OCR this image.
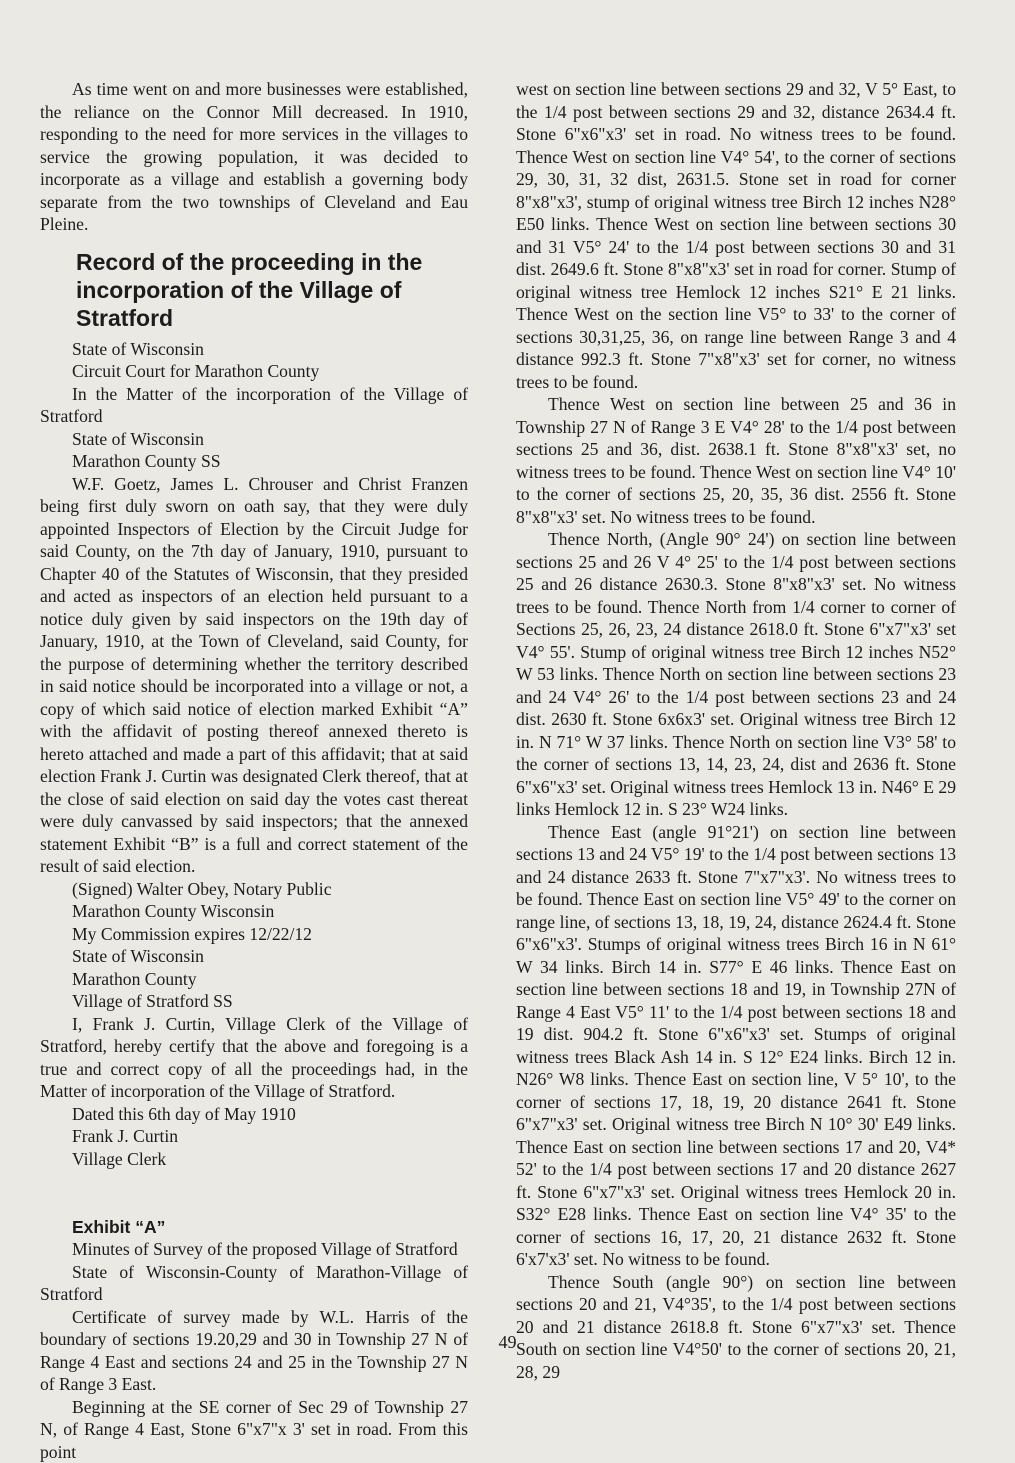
As time went on and more businesses were established, the reliance on the Connor Mill decreased. In 1910, responding to the need for more services in the villages to service the growing population, it was decided to incorporate as a village and establish a governing body separate from the two townships of Cleveland and Eau Pleine.

Record of the proceeding in the incorporation of the Village of Stratford

State of Wisconsin

Circuit Court for Marathon County

In the Matter of the incorporation of the Village of Stratford

State of Wisconsin

Marathon County SS

W.F. Goetz, James L. Chrouser and Christ Franzen being first duly sworn on oath say, that they were duly appointed Inspectors of Election by the Circuit Judge for said County, on the 7th day of January, 1910, pursuant to Chapter 40 of the Statutes of Wisconsin, that they presided and acted as inspectors of an election held pursuant to a notice duly given by said inspectors on the 19th day of January, 1910, at the Town of Cleveland, said County, for the purpose of determining whether the territory described in said notice should be incorporated into a village or not, a copy of which said notice of election marked Exhibit “A” with the affidavit of posting thereof annexed thereto is hereto attached and made a part of this affidavit; that at said election Frank J. Curtin was designated Clerk thereof, that at the close of said election on said day the votes cast thereat were duly canvassed by said inspectors; that the annexed statement Exhibit “B” is a full and correct statement of the result of said election.

(Signed) Walter Obey, Notary Public

Marathon County Wisconsin

My Commission expires 12/22/12

State of Wisconsin

Marathon County

Village of Stratford SS

I, Frank J. Curtin, Village Clerk of the Village of Stratford, hereby certify that the above and foregoing is a true and correct copy of all the proceedings had, in the Matter of incorporation of the Village of Stratford.

Dated this 6th day of May 1910

Frank J. Curtin

Village Clerk

Exhibit “A”

Minutes of Survey of the proposed Village of Stratford

State of Wisconsin-County of Marathon-Village of Stratford

Certificate of survey made by W.L. Harris of the boundary of sections 19.20,29 and 30 in Township 27 N of Range 4 East and sections 24 and 25 in the Township 27 N of Range 3 East.

Beginning at the SE corner of Sec 29 of Township 27 N, of Range 4 East, Stone 6"x7"x 3' set in road. From this point

west on section line between sections 29 and 32, V 5° East, to the 1/4 post between sections 29 and 32, distance 2634.4 ft. Stone 6"x6"x3' set in road. No witness trees to be found. Thence West on section line V4° 54', to the corner of sections 29, 30, 31, 32 dist, 2631.5. Stone set in road for corner 8"x8"x3', stump of original witness tree Birch 12 inches N28° E50 links. Thence West on section line between sections 30 and 31 V5° 24' to the 1/4 post between sections 30 and 31 dist. 2649.6 ft. Stone 8"x8"x3' set in road for corner. Stump of original witness tree Hemlock 12 inches S21° E 21 links. Thence West on the section line V5° to 33' to the corner of sections 30,31,25, 36, on range line between Range 3 and 4 distance 992.3 ft. Stone 7"x8"x3' set for corner, no witness trees to be found.

Thence West on section line between 25 and 36 in Township 27 N of Range 3 E V4° 28' to the 1/4 post between sections 25 and 36, dist. 2638.1 ft. Stone 8"x8"x3' set, no witness trees to be found. Thence West on section line V4° 10' to the corner of sections 25, 20, 35, 36 dist. 2556 ft. Stone 8"x8"x3' set. No witness trees to be found.

Thence North, (Angle 90° 24') on section line between sections 25 and 26 V 4° 25' to the 1/4 post between sections 25 and 26 distance 2630.3. Stone 8"x8"x3' set. No witness trees to be found. Thence North from 1/4 corner to corner of Sections 25, 26, 23, 24 distance 2618.0 ft. Stone 6"x7"x3' set V4° 55'. Stump of original witness tree Birch 12 inches N52° W 53 links. Thence North on section line between sections 23 and 24 V4° 26' to the 1/4 post between sections 23 and 24 dist. 2630 ft. Stone 6x6x3' set. Original witness tree Birch 12 in. N 71° W 37 links. Thence North on section line V3° 58' to the corner of sections 13, 14, 23, 24, dist and 2636 ft. Stone 6"x6"x3' set. Original witness trees Hemlock 13 in. N46° E 29 links Hemlock 12 in. S 23° W24 links.

Thence East (angle 91°21') on section line between sections 13 and 24 V5° 19' to the 1/4 post between sections 13 and 24 distance 2633 ft. Stone 7"x7"x3'. No witness trees to be found. Thence East on section line V5° 49' to the corner on range line, of sections 13, 18, 19, 24, distance 2624.4 ft. Stone 6"x6"x3'. Stumps of original witness trees Birch 16 in N 61° W 34 links. Birch 14 in. S77° E 46 links. Thence East on section line between sections 18 and 19, in Township 27N of Range 4 East V5° 11' to the 1/4 post between sections 18 and 19 dist. 904.2 ft. Stone 6"x6"x3' set. Stumps of original witness trees Black Ash 14 in. S 12° E24 links. Birch 12 in. N26° W8 links. Thence East on section line, V 5° 10', to the corner of sections 17, 18, 19, 20 distance 2641 ft. Stone 6"x7"x3' set. Original witness tree Birch N 10° 30' E49 links. Thence East on section line between sections 17 and 20, V4* 52' to the 1/4 post between sections 17 and 20 distance 2627 ft. Stone 6"x7"x3' set. Original witness trees Hemlock 20 in. S32° E28 links. Thence East on section line V4° 35' to the corner of sections 16, 17, 20, 21 distance 2632 ft. Stone 6'x7'x3' set. No witness to be found.

Thence South (angle 90°) on section line between sections 20 and 21, V4°35', to the 1/4 post between sections 20 and 21 distance 2618.8 ft. Stone 6"x7"x3' set. Thence South on section line V4°50' to the corner of sections 20, 21, 28, 29

49
